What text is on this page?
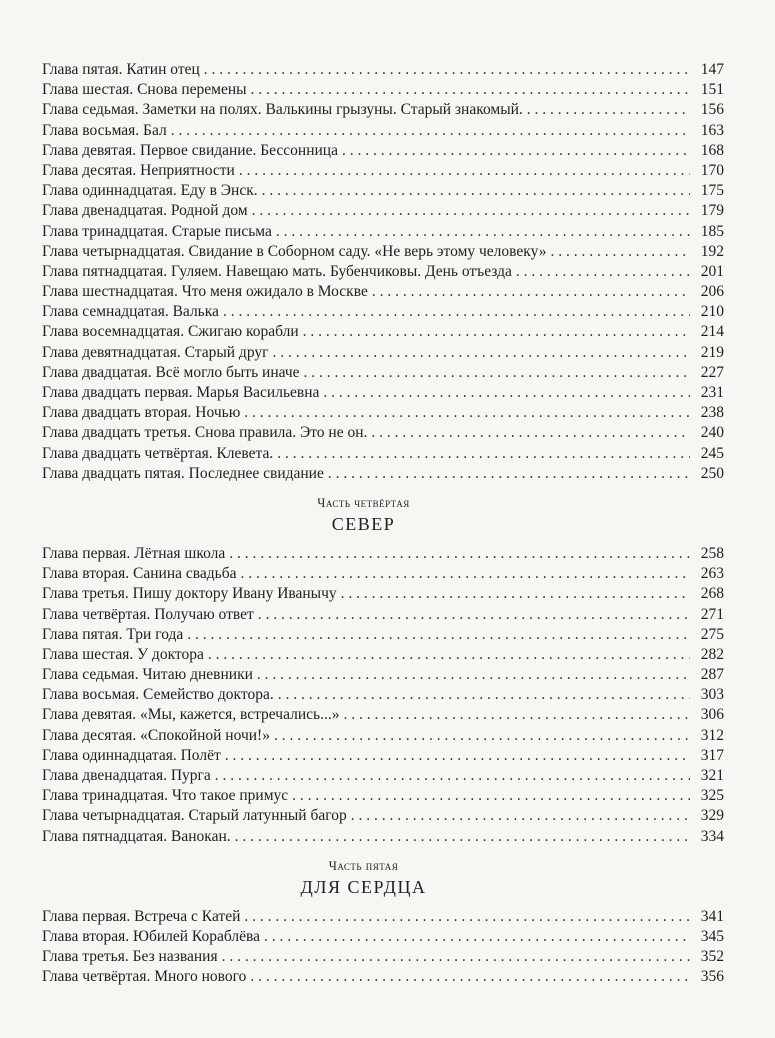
Глава пятая. Катин отец . . .	147
Глава шестая. Снова перемены . . .	151
Глава седьмая. Заметки на полях. Валькины грызуны. Старый знакомый. . . .	156
Глава восьмая. Бал . . .	163
Глава девятая. Первое свидание. Бессонница . . .	168
Глава десятая. Неприятности . . .	170
Глава одиннадцатая. Еду в Энск. . . .	175
Глава двенадцатая. Родной дом . . .	179
Глава тринадцатая. Старые письма . . .	185
Глава четырнадцатая. Свидание в Соборном саду. «Не верь этому человеку» . . .	192
Глава пятнадцатая. Гуляем. Навещаю мать. Бубенчиковы. День отъезда . . .	201
Глава шестнадцатая. Что меня ожидало в Москве . . .	206
Глава семнадцатая. Валька . . .	210
Глава восемнадцатая. Сжигаю корабли . . .	214
Глава девятнадцатая. Старый друг . . .	219
Глава двадцатая. Всё могло быть иначе . . .	227
Глава двадцать первая. Марья Васильевна . . .	231
Глава двадцать вторая. Ночью . . .	238
Глава двадцать третья. Снова правила. Это не он. . . .	240
Глава двадцать четвёртая. Клевета. . . .	245
Глава двадцать пятая. Последнее свидание . . .	250
Часть четвёртая
СЕВЕР
Глава первая. Лётная школа . . .	258
Глава вторая. Санина свадьба . . .	263
Глава третья. Пишу доктору Ивану Иванычу . . .	268
Глава четвёртая. Получаю ответ . . .	271
Глава пятая. Три года . . .	275
Глава шестая. У доктора . . .	282
Глава седьмая. Читаю дневники . . .	287
Глава восьмая. Семейство доктора. . . .	303
Глава девятая. «Мы, кажется, встречались...» . . .	306
Глава десятая. «Спокойной ночи!» . . .	312
Глава одиннадцатая. Полёт . . .	317
Глава двенадцатая. Пурга . . .	321
Глава тринадцатая. Что такое примус . . .	325
Глава четырнадцатая. Старый латунный багор . . .	329
Глава пятнадцатая. Ванокан. . . .	334
Часть пятая
ДЛЯ СЕРДЦА
Глава первая. Встреча с Катей . . .	341
Глава вторая. Юбилей Кораблёва . . .	345
Глава третья. Без названия . . .	352
Глава четвёртая. Много нового . . .	356
